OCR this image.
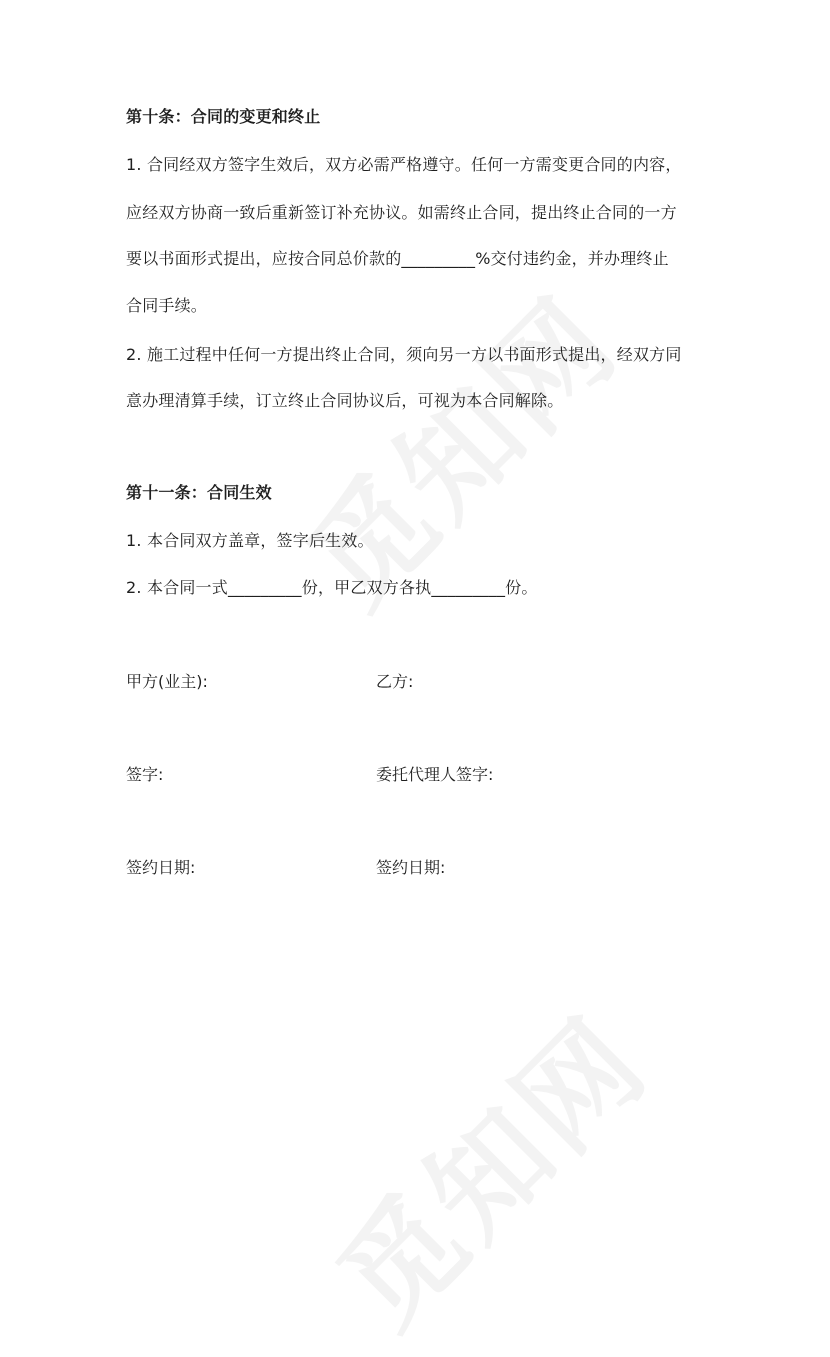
第十条：合同的变更和终止
1. 合同经双方签字生效后，双方必需严格遵守。任何一方需变更合同的内容，
应经双方协商一致后重新签订补充协议。如需终止合同，提出终止合同的一方
要以书面形式提出，应按合同总价款的_________%交付违约金，并办理终止
合同手续。
2. 施工过程中任何一方提出终止合同，须向另一方以书面形式提出，经双方同
意办理清算手续，订立终止合同协议后，可视为本合同解除。
第十一条：合同生效
1. 本合同双方盖章，签字后生效。
2. 本合同一式_________份，甲乙双方各执_________份。
甲方(业主):	乙方:
签字:	委托代理人签字:
签约日期:	签约日期:
